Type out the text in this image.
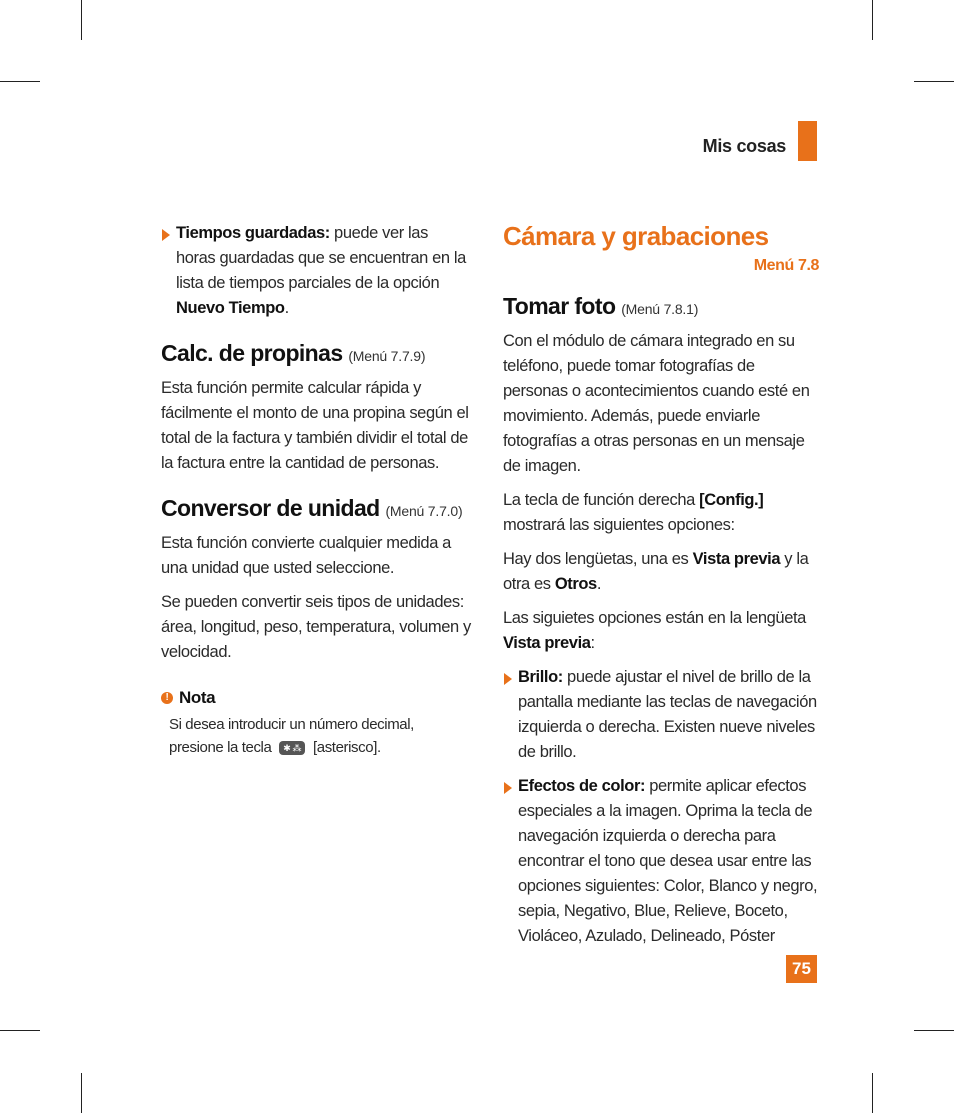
Mis cosas
Tiempos guardadas: puede ver las horas guardadas que se encuentran en la lista de tiempos parciales de la opción Nuevo Tiempo.
Calc. de propinas (Menú 7.7.9)

Esta función permite calcular rápida y fácilmente el monto de una propina según el total de la factura y también dividir el total de la factura entre la cantidad de personas.

Conversor de unidad (Menú 7.7.0)

Esta función convierte cualquier medida a una unidad que usted seleccione.

Se pueden convertir seis tipos de unidades: área, longitud, peso, temperatura, volumen y velocidad.

! Nota
Si desea introducir un número decimal, presione la tecla ✱ ⁂ [asterisco].
Cámara y grabaciones
Menú 7.8
Tomar foto (Menú 7.8.1)

Con el módulo de cámara integrado en su teléfono, puede tomar fotografías de personas o acontecimientos cuando esté en movimiento. Además, puede enviarle fotografías a otras personas en un mensaje de imagen.

La tecla de función derecha [Config.] mostrará las siguientes opciones:

Hay dos lengüetas, una es Vista previa y la otra es Otros.

Las siguietes opciones están en la lengüeta Vista previa:

Brillo: puede ajustar el nivel de brillo de la pantalla mediante las teclas de navegación izquierda o derecha. Existen nueve niveles de brillo.
Efectos de color: permite aplicar efectos especiales a la imagen. Oprima la tecla de navegación izquierda o derecha para encontrar el tono que desea usar entre las opciones siguientes: Color, Blanco y negro, sepia, Negativo, Blue, Relieve, Boceto, Violáceo, Azulado, Delineado, Póster
75
